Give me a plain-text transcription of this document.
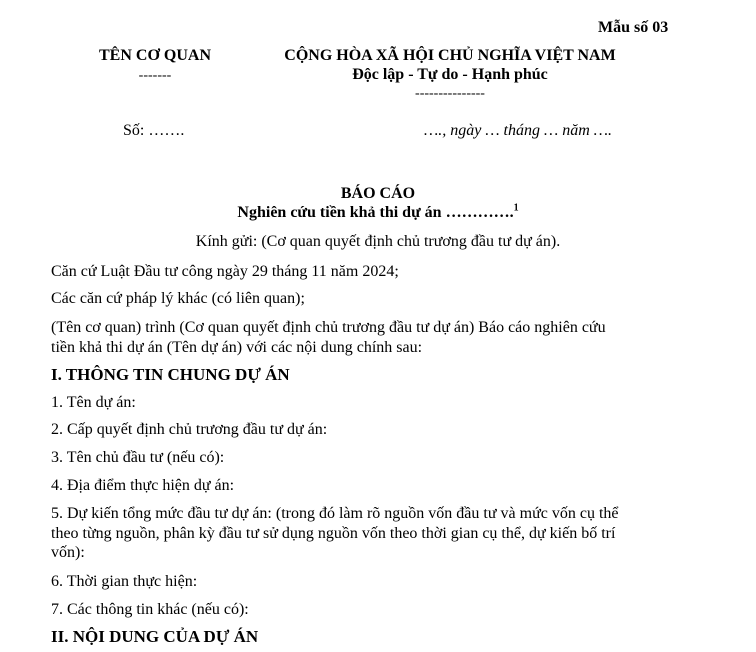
Mẫu số 03
TÊN CƠ QUAN
-------
CỘNG HÒA XÃ HỘI CHỦ NGHĨA VIỆT NAM
Độc lập - Tự do - Hạnh phúc
---------------
Số: …….	…., ngày … tháng … năm ….
BÁO CÁO
Nghiên cứu tiền khả thi dự án ………….$^1$
Kính gửi: (Cơ quan quyết định chủ trương đầu tư dự án).
Căn cứ Luật Đầu tư công ngày 29 tháng 11 năm 2024;
Các căn cứ pháp lý khác (có liên quan);
(Tên cơ quan) trình (Cơ quan quyết định chủ trương đầu tư dự án) Báo cáo nghiên cứu
tiền khả thi dự án (Tên dự án) với các nội dung chính sau:
I. THÔNG TIN CHUNG DỰ ÁN
1. Tên dự án:
2. Cấp quyết định chủ trương đầu tư dự án:
3. Tên chủ đầu tư (nếu có):
4. Địa điểm thực hiện dự án:
5. Dự kiến tổng mức đầu tư dự án: (trong đó làm rõ nguồn vốn đầu tư và mức vốn cụ thể
theo từng nguồn, phân kỳ đầu tư sử dụng nguồn vốn theo thời gian cụ thể, dự kiến bố trí
vốn):
6. Thời gian thực hiện:
7. Các thông tin khác (nếu có):
II. NỘI DUNG CỦA DỰ ÁN
